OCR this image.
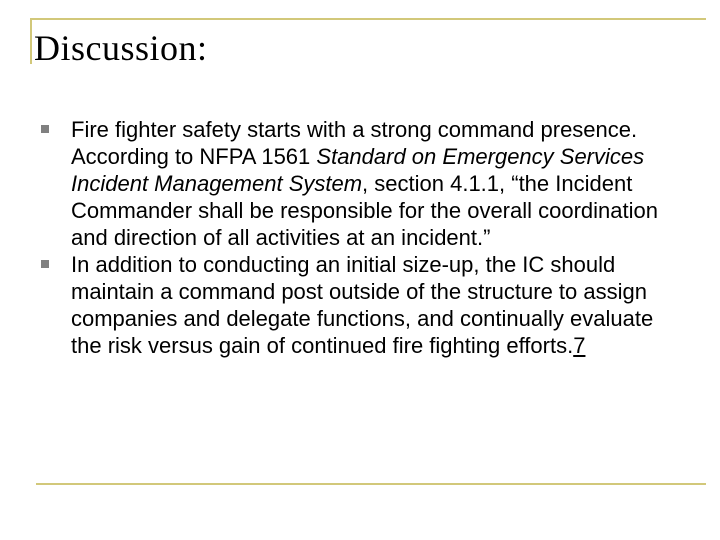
Discussion:
Fire fighter safety starts with a strong command presence. According to NFPA 1561 Standard on Emergency Services Incident Management System, section 4.1.1, “the Incident Commander shall be responsible for the overall coordination and direction of all activities at an incident.”
In addition to conducting an initial size-up, the IC should maintain a command post outside of the structure to assign companies and delegate functions, and continually evaluate the risk versus gain of continued fire fighting efforts.7
